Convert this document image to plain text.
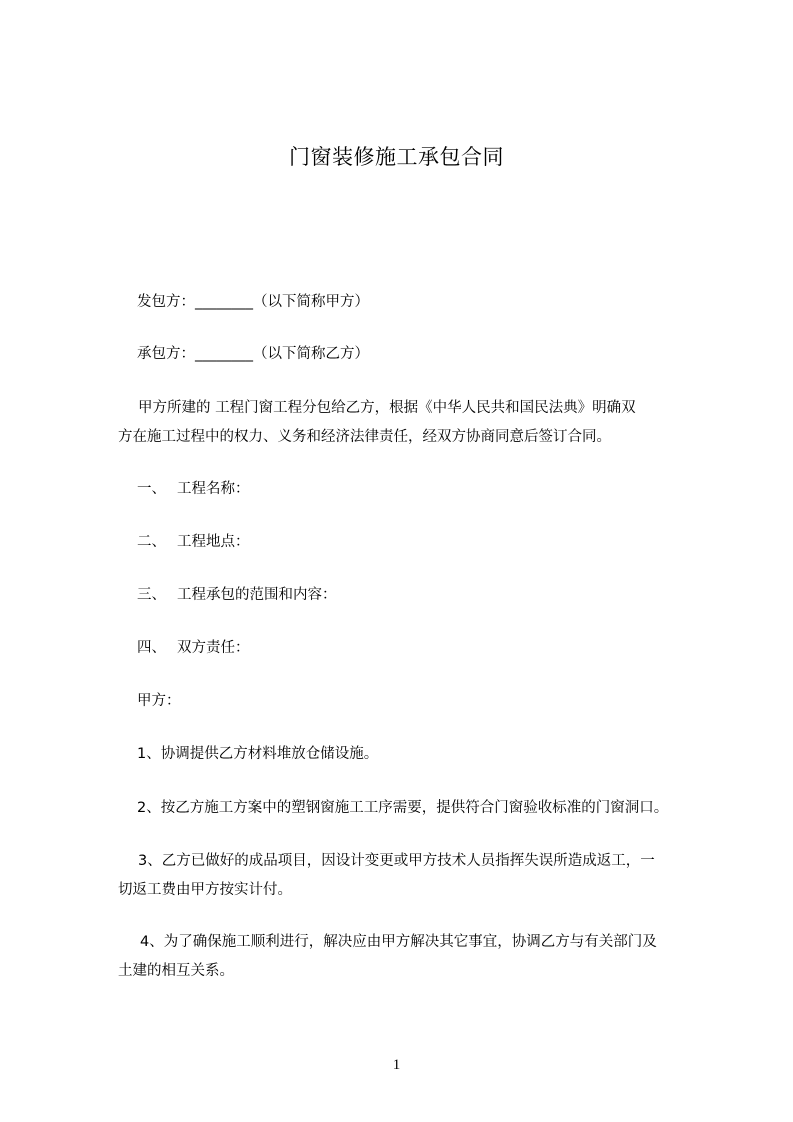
门窗装修施工承包合同
发包方：________（以下简称甲方）
承包方：________（以下简称乙方）
甲方所建的 工程门窗工程分包给乙方，根据《中华人民共和国民法典》明确双
方在施工过程中的权力、义务和经济法律责任，经双方协商同意后签订合同。
一、 工程名称：
二、 工程地点：
三、 工程承包的范围和内容：
四、 双方责任：
甲方：
1、协调提供乙方材料堆放仓储设施。
2、按乙方施工方案中的塑钢窗施工工序需要，提供符合门窗验收标准的门窗洞口。
3、乙方已做好的成品项目，因设计变更或甲方技术人员指挥失误所造成返工，一
切返工费由甲方按实计付。
4、为了确保施工顺利进行，解决应由甲方解决其它事宜，协调乙方与有关部门及
土建的相互关系。
1
